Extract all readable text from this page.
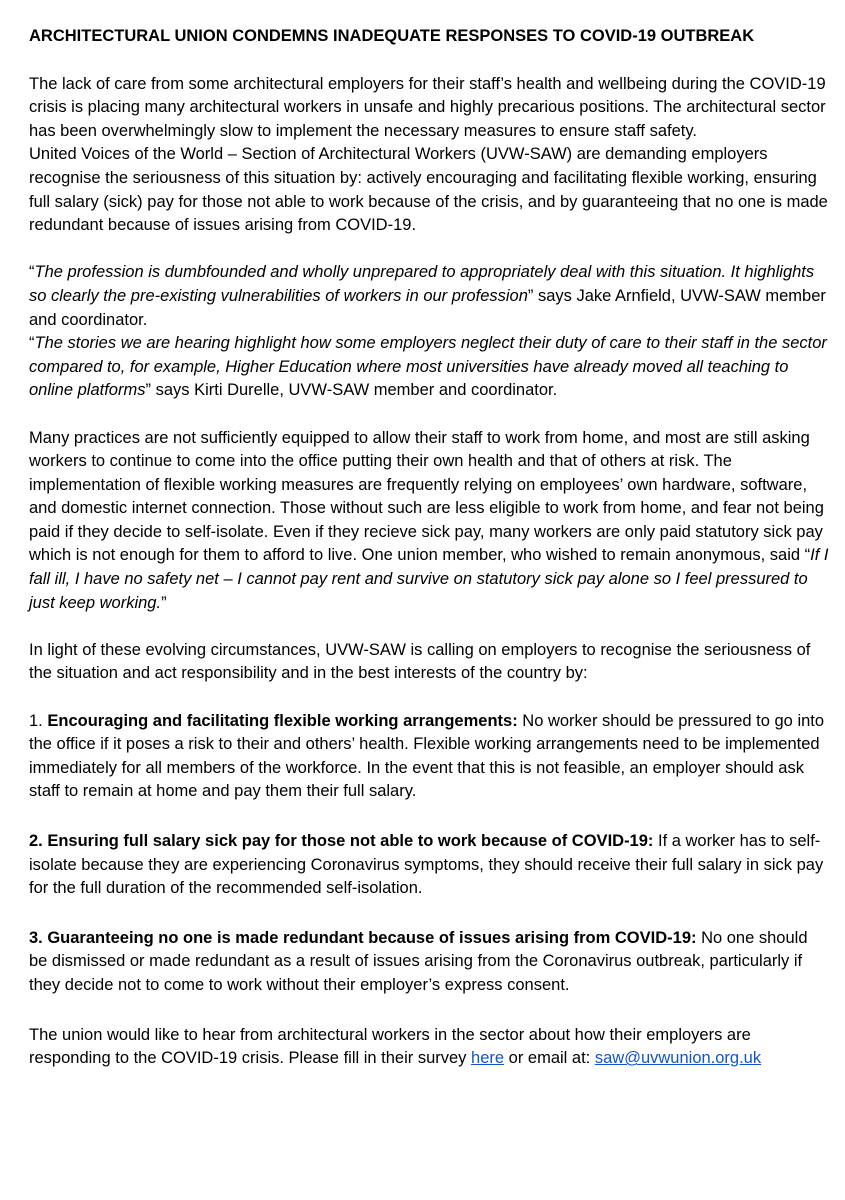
ARCHITECTURAL UNION CONDEMNS INADEQUATE RESPONSES TO COVID-19 OUTBREAK

The lack of care from some architectural employers for their staff’s health and wellbeing during the COVID-19 crisis is placing many architectural workers in unsafe and highly precarious positions. The architectural sector has been overwhelmingly slow to implement the necessary measures to ensure staff safety.

United Voices of the World – Section of Architectural Workers (UVW-SAW) are demanding employers recognise the seriousness of this situation by: actively encouraging and facilitating flexible working, ensuring full salary (sick) pay for those not able to work because of the crisis, and by guaranteeing that no one is made redundant because of issues arising from COVID-19.

“The profession is dumbfounded and wholly unprepared to appropriately deal with this situation. It highlights so clearly the pre-existing vulnerabilities of workers in our profession” says Jake Arnfield, UVW-SAW member and coordinator.

“The stories we are hearing highlight how some employers neglect their duty of care to their staff in the sector compared to, for example, Higher Education where most universities have already moved all teaching to online platforms” says Kirti Durelle, UVW-SAW member and coordinator.

Many practices are not sufficiently equipped to allow their staff to work from home, and most are still asking workers to continue to come into the office putting their own health and that of others at risk. The implementation of flexible working measures are frequently relying on employees’ own hardware, software, and domestic internet connection. Those without such are less eligible to work from home, and fear not being paid if they decide to self-isolate. Even if they recieve sick pay, many workers are only paid statutory sick pay which is not enough for them to afford to live. One union member, who wished to remain anonymous, said “If I fall ill, I have no safety net – I cannot pay rent and survive on statutory sick pay alone so I feel pressured to just keep working.”

In light of these evolving circumstances, UVW-SAW is calling on employers to recognise the seriousness of the situation and act responsibility and in the best interests of the country by:

1. Encouraging and facilitating flexible working arrangements: No worker should be pressured to go into the office if it poses a risk to their and others’ health. Flexible working arrangements need to be implemented immediately for all members of the workforce. In the event that this is not feasible, an employer should ask staff to remain at home and pay them their full salary.

2. Ensuring full salary sick pay for those not able to work because of COVID-19: If a worker has to self-isolate because they are experiencing Coronavirus symptoms, they should receive their full salary in sick pay for the full duration of the recommended self-isolation.

3. Guaranteeing no one is made redundant because of issues arising from COVID-19: No one should be dismissed or made redundant as a result of issues arising from the Coronavirus outbreak, particularly if they decide not to come to work without their employer’s express consent.

The union would like to hear from architectural workers in the sector about how their employers are responding to the COVID-19 crisis. Please fill in their survey here or email at: saw@uvwunion.org.uk
